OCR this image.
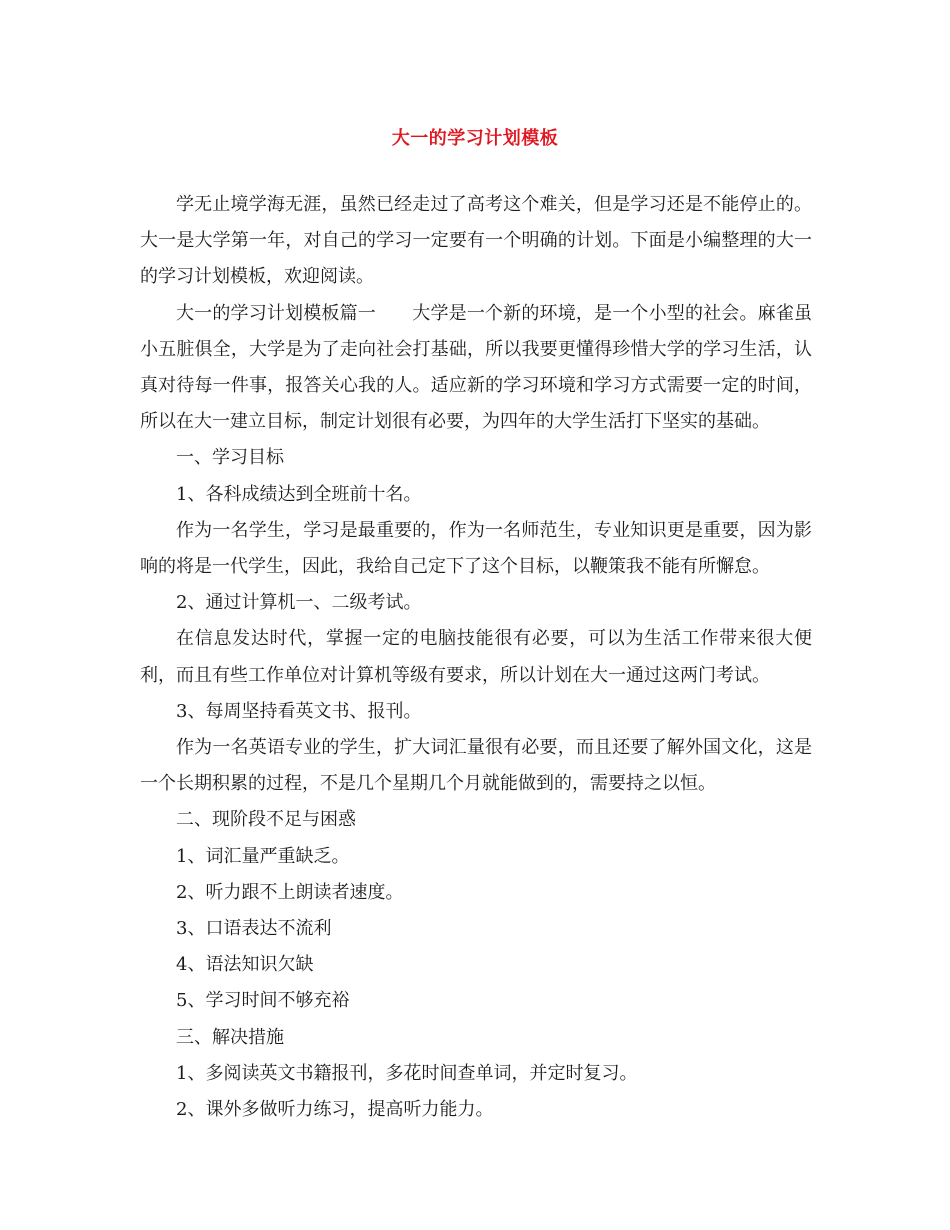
大一的学习计划模板

学无止境学海无涯，虽然已经走过了高考这个难关，但是学习还是不能停止的。大一是大学第一年，对自己的学习一定要有一个明确的计划。下面是小编整理的大一的学习计划模板，欢迎阅读。

大一的学习计划模板篇一　　大学是一个新的环境，是一个小型的社会。麻雀虽小五脏俱全，大学是为了走向社会打基础，所以我要更懂得珍惜大学的学习生活，认真对待每一件事，报答关心我的人。适应新的学习环境和学习方式需要一定的时间，所以在大一建立目标，制定计划很有必要，为四年的大学生活打下坚实的基础。

一、学习目标

1、各科成绩达到全班前十名。

作为一名学生，学习是最重要的，作为一名师范生，专业知识更是重要，因为影响的将是一代学生，因此，我给自己定下了这个目标，以鞭策我不能有所懈怠。

2、通过计算机一、二级考试。

在信息发达时代，掌握一定的电脑技能很有必要，可以为生活工作带来很大便利，而且有些工作单位对计算机等级有要求，所以计划在大一通过这两门考试。

3、每周坚持看英文书、报刊。

作为一名英语专业的学生，扩大词汇量很有必要，而且还要了解外国文化，这是一个长期积累的过程，不是几个星期几个月就能做到的，需要持之以恒。

二、现阶段不足与困惑

1、词汇量严重缺乏。

2、听力跟不上朗读者速度。

3、口语表达不流利

4、语法知识欠缺

5、学习时间不够充裕

三、解决措施

1、多阅读英文书籍报刊，多花时间查单词，并定时复习。

2、课外多做听力练习，提高听力能力。
